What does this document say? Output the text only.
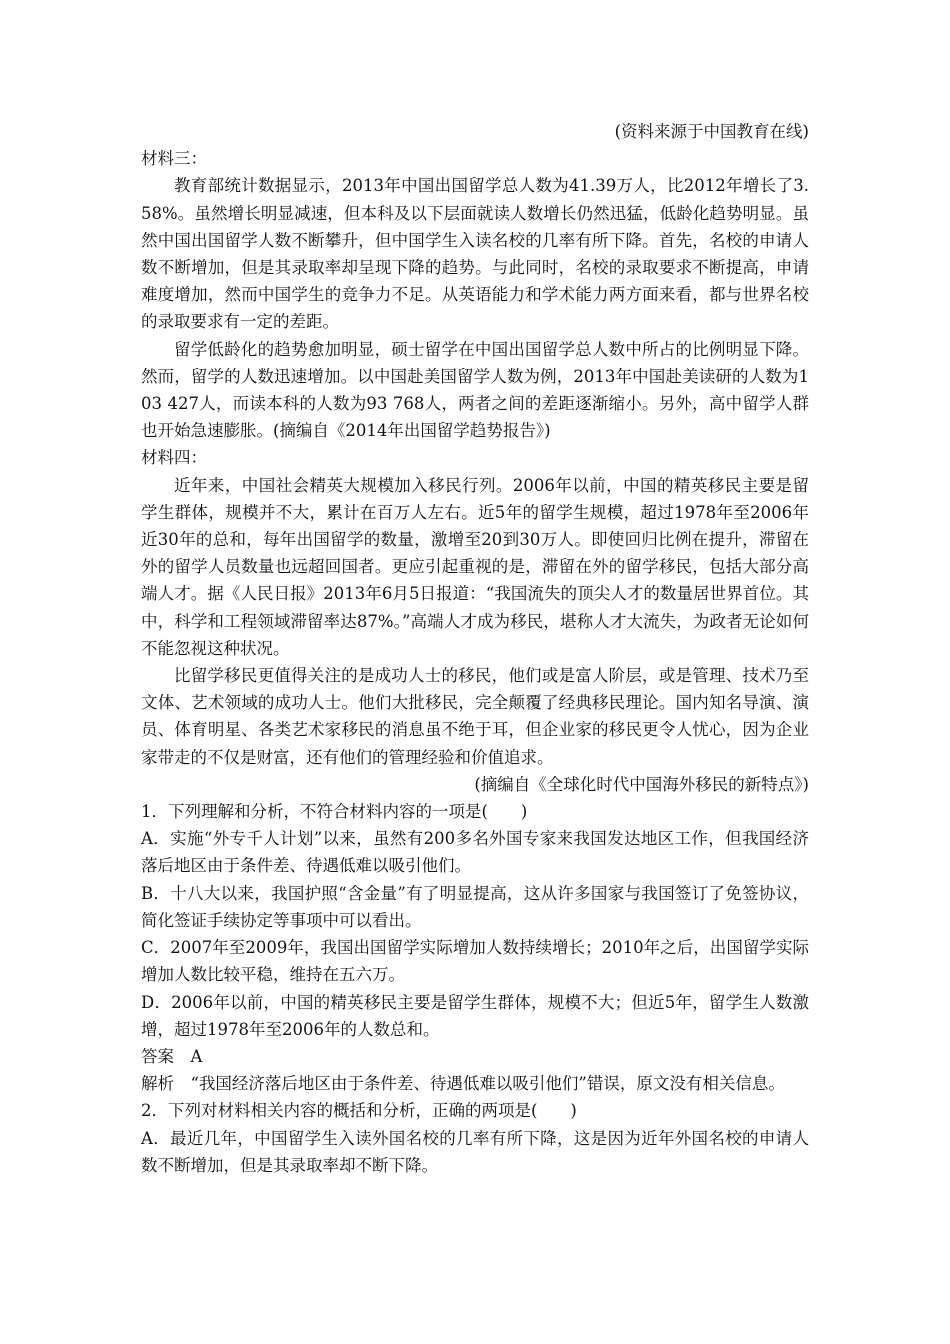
(资料来源于中国教育在线)

材料三：

教育部统计数据显示，2013年中国出国留学总人数为41.39万人，比2012年增长了3.58%。虽然增长明显减速，但本科及以下层面就读人数增长仍然迅猛，低龄化趋势明显。虽然中国出国留学人数不断攀升，但中国学生入读名校的几率有所下降。首先，名校的申请人数不断增加，但是其录取率却呈现下降的趋势。与此同时，名校的录取要求不断提高，申请难度增加，然而中国学生的竞争力不足。从英语能力和学术能力两方面来看，都与世界名校的录取要求有一定的差距。

留学低龄化的趋势愈加明显，硕士留学在中国出国留学总人数中所占的比例明显下降。然而，留学的人数迅速增加。以中国赴美国留学人数为例，2013年中国赴美读研的人数为103 427人，而读本科的人数为93 768人，两者之间的差距逐渐缩小。另外，高中留学人群也开始急速膨胀。(摘编自《2014年出国留学趋势报告》)

材料四：

近年来，中国社会精英大规模加入移民行列。2006年以前，中国的精英移民主要是留学生群体，规模并不大，累计在百万人左右。近5年的留学生规模，超过1978年至2006年近30年的总和，每年出国留学的数量，激增至20到30万人。即使回归比例在提升，滞留在外的留学人员数量也远超回国者。更应引起重视的是，滞留在外的留学移民，包括大部分高端人才。据《人民日报》2013年6月5日报道：“我国流失的顶尖人才的数量居世界首位。其中，科学和工程领域滞留率达87%。”高端人才成为移民，堪称人才大流失，为政者无论如何不能忽视这种状况。

比留学移民更值得关注的是成功人士的移民，他们或是富人阶层，或是管理、技术乃至文体、艺术领域的成功人士。他们大批移民，完全颠覆了经典移民理论。国内知名导演、演员、体育明星、各类艺术家移民的消息虽不绝于耳，但企业家的移民更令人忧心，因为企业家带走的不仅是财富，还有他们的管理经验和价值追求。

(摘编自《全球化时代中国海外移民的新特点》)

1．下列理解和分析，不符合材料内容的一项是(　　)

A．实施“外专千人计划”以来，虽然有200多名外国专家来我国发达地区工作，但我国经济落后地区由于条件差、待遇低难以吸引他们。

B．十八大以来，我国护照“含金量”有了明显提高，这从许多国家与我国签订了免签协议，简化签证手续协定等事项中可以看出。

C．2007年至2009年，我国出国留学实际增加人数持续增长；2010年之后，出国留学实际增加人数比较平稳，维持在五六万。

D．2006年以前，中国的精英移民主要是留学生群体，规模不大；但近5年，留学生人数激增，超过1978年至2006年的人数总和。

答案　A

解析　“我国经济落后地区由于条件差、待遇低难以吸引他们”错误，原文没有相关信息。

2．下列对材料相关内容的概括和分析，正确的两项是(　　)

A．最近几年，中国留学生入读外国名校的几率有所下降，这是因为近年外国名校的申请人数不断增加，但是其录取率却不断下降。
